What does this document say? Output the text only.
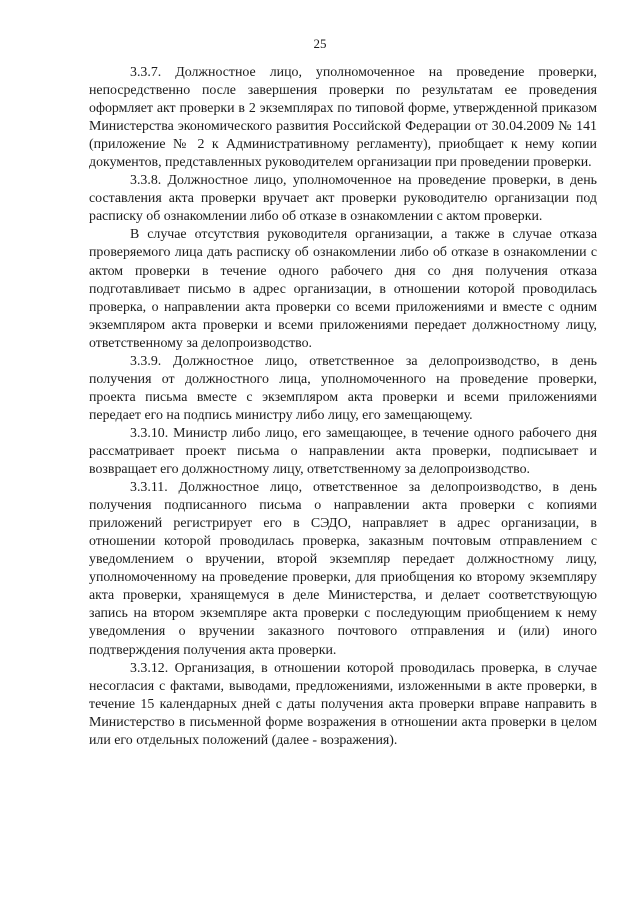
25

3.3.7. Должностное лицо, уполномоченное на проведение проверки, непосредственно после завершения проверки по результатам ее проведения оформляет акт проверки в 2 экземплярах по типовой форме, утвержденной приказом Министерства экономического развития Российской Федерации от 30.04.2009 № 141 (приложение № 2 к Административному регламенту), приобщает к нему копии документов, представленных руководителем организации при проведении проверки.

3.3.8. Должностное лицо, уполномоченное на проведение проверки, в день составления акта проверки вручает акт проверки руководителю организации под расписку об ознакомлении либо об отказе в ознакомлении с актом проверки.

В случае отсутствия руководителя организации, а также в случае отказа проверяемого лица дать расписку об ознакомлении либо об отказе в ознакомлении с актом проверки в течение одного рабочего дня со дня получения отказа подготавливает письмо в адрес организации, в отношении которой проводилась проверка, о направлении акта проверки со всеми приложениями и вместе с одним экземпляром акта проверки и всеми приложениями передает должностному лицу, ответственному за делопроизводство.

3.3.9. Должностное лицо, ответственное за делопроизводство, в день получения от должностного лица, уполномоченного на проведение проверки, проекта письма вместе с экземпляром акта проверки и всеми приложениями передает его на подпись министру либо лицу, его замещающему.

3.3.10. Министр либо лицо, его замещающее, в течение одного рабочего дня рассматривает проект письма о направлении акта проверки, подписывает и возвращает его должностному лицу, ответственному за делопроизводство.

3.3.11. Должностное лицо, ответственное за делопроизводство, в день получения подписанного письма о направлении акта проверки с копиями приложений регистрирует его в СЭДО, направляет в адрес организации, в отношении которой проводилась проверка, заказным почтовым отправлением с уведомлением о вручении, второй экземпляр передает должностному лицу, уполномоченному на проведение проверки, для приобщения ко второму экземпляру акта проверки, хранящемуся в деле Министерства, и делает соответствующую запись на втором экземпляре акта проверки с последующим приобщением к нему уведомления о вручении заказного почтового отправления и (или) иного подтверждения получения акта проверки.

3.3.12. Организация, в отношении которой проводилась проверка, в случае несогласия с фактами, выводами, предложениями, изложенными в акте проверки, в течение 15 календарных дней с даты получения акта проверки вправе направить в Министерство в письменной форме возражения в отношении акта проверки в целом или его отдельных положений (далее - возражения).
